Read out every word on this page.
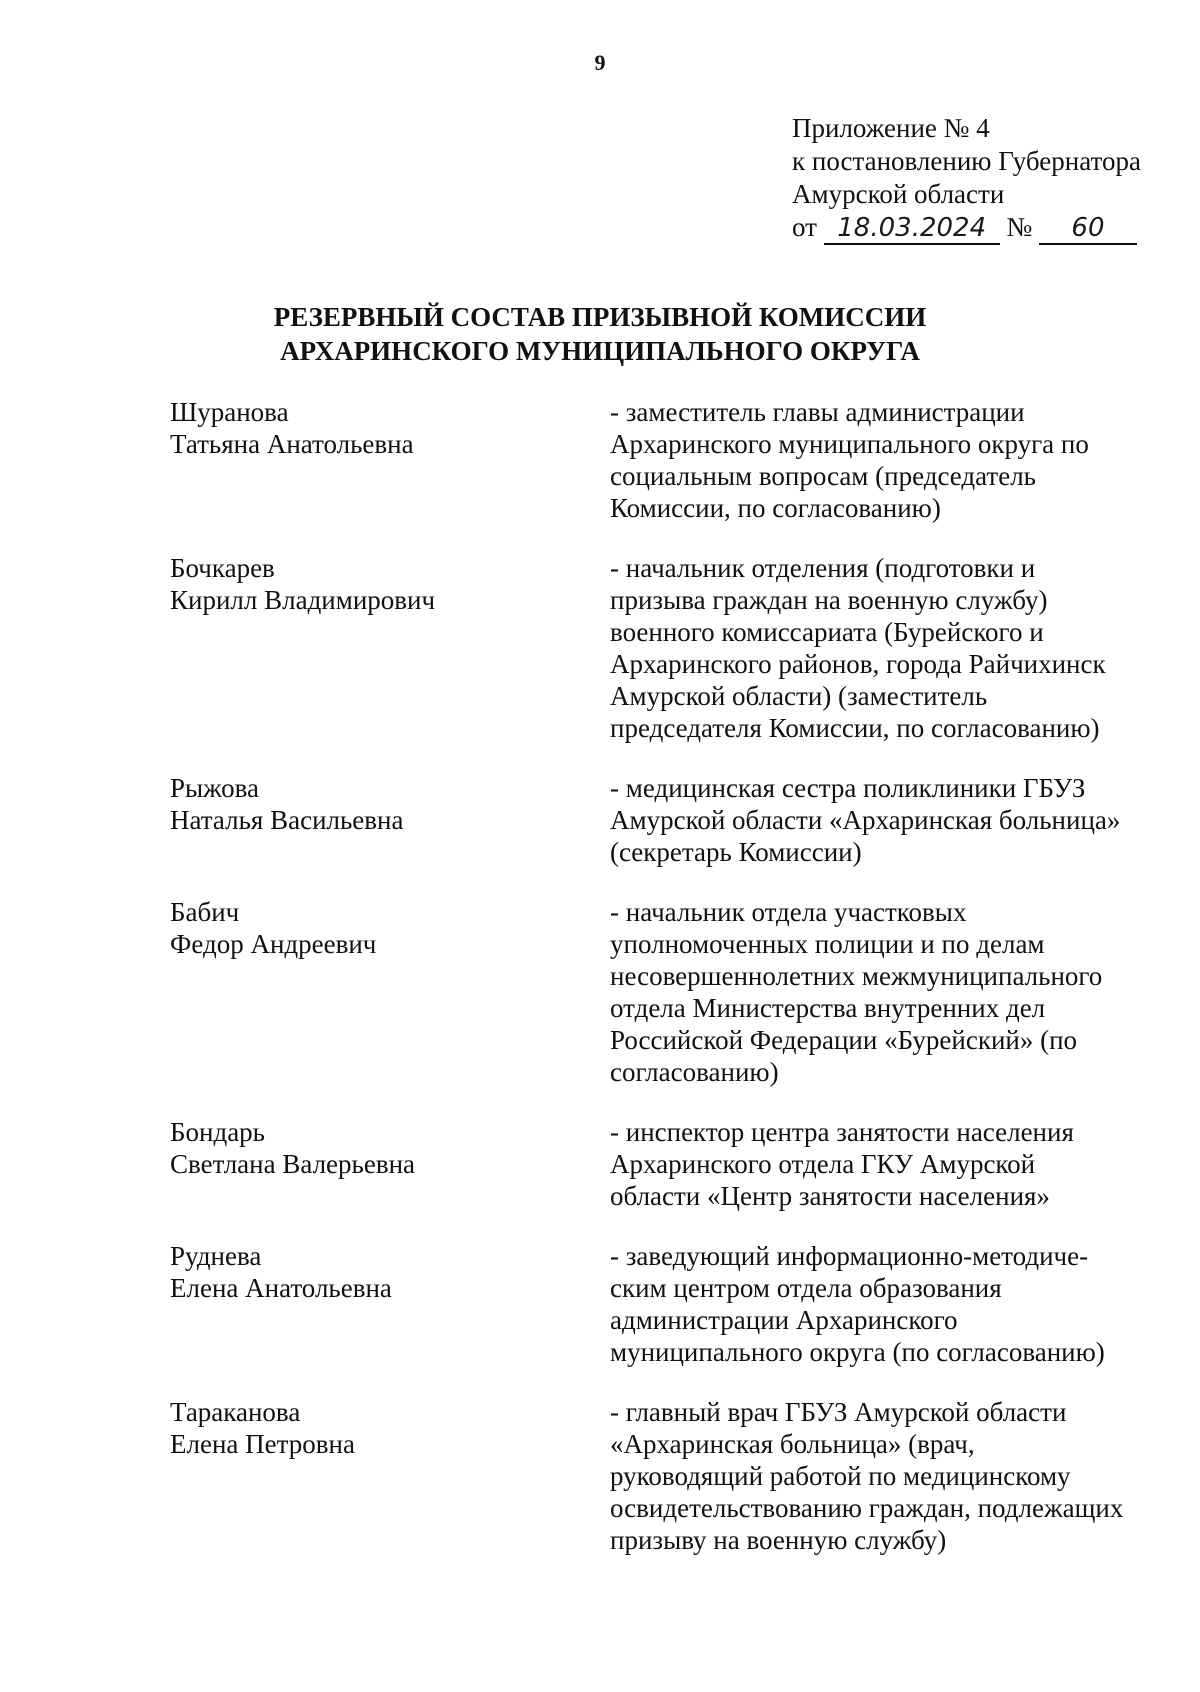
9
Приложение № 4
к постановлению Губернатора
Амурской области
от 18.03.2024 № 60
РЕЗЕРВНЫЙ СОСТАВ ПРИЗЫВНОЙ КОМИССИИ
АРХАРИНСКОГО МУНИЦИПАЛЬНОГО ОКРУГА
Шуранова
Татьяна Анатольевна
- заместитель главы администрации
Архаринского муниципального округа по
социальным вопросам (председатель
Комиссии, по согласованию)
Бочкарев
Кирилл Владимирович
- начальник отделения (подготовки и
призыва граждан на военную службу)
военного комиссариата (Бурейского и
Архаринского районов, города Райчихинск
Амурской области) (заместитель
председателя Комиссии, по согласованию)
Рыжова
Наталья Васильевна
- медицинская сестра поликлиники ГБУЗ
Амурской области «Архаринская больница»
(секретарь Комиссии)
Бабич
Федор Андреевич
- начальник отдела участковых
уполномоченных полиции и по делам
несовершеннолетних межмуниципального
отдела Министерства внутренних дел
Российской Федерации «Бурейский» (по
согласованию)
Бондарь
Светлана Валерьевна
- инспектор центра занятости населения
Архаринского отдела ГКУ Амурской
области «Центр занятости населения»
Руднева
Елена Анатольевна
- заведующий информационно-методиче-
ским центром отдела образования
администрации Архаринского
муниципального округа (по согласованию)
Тараканова
Елена Петровна
- главный врач ГБУЗ Амурской области
«Архаринская больница» (врач,
руководящий работой по медицинскому
освидетельствованию граждан, подлежащих
призыву на военную службу)
